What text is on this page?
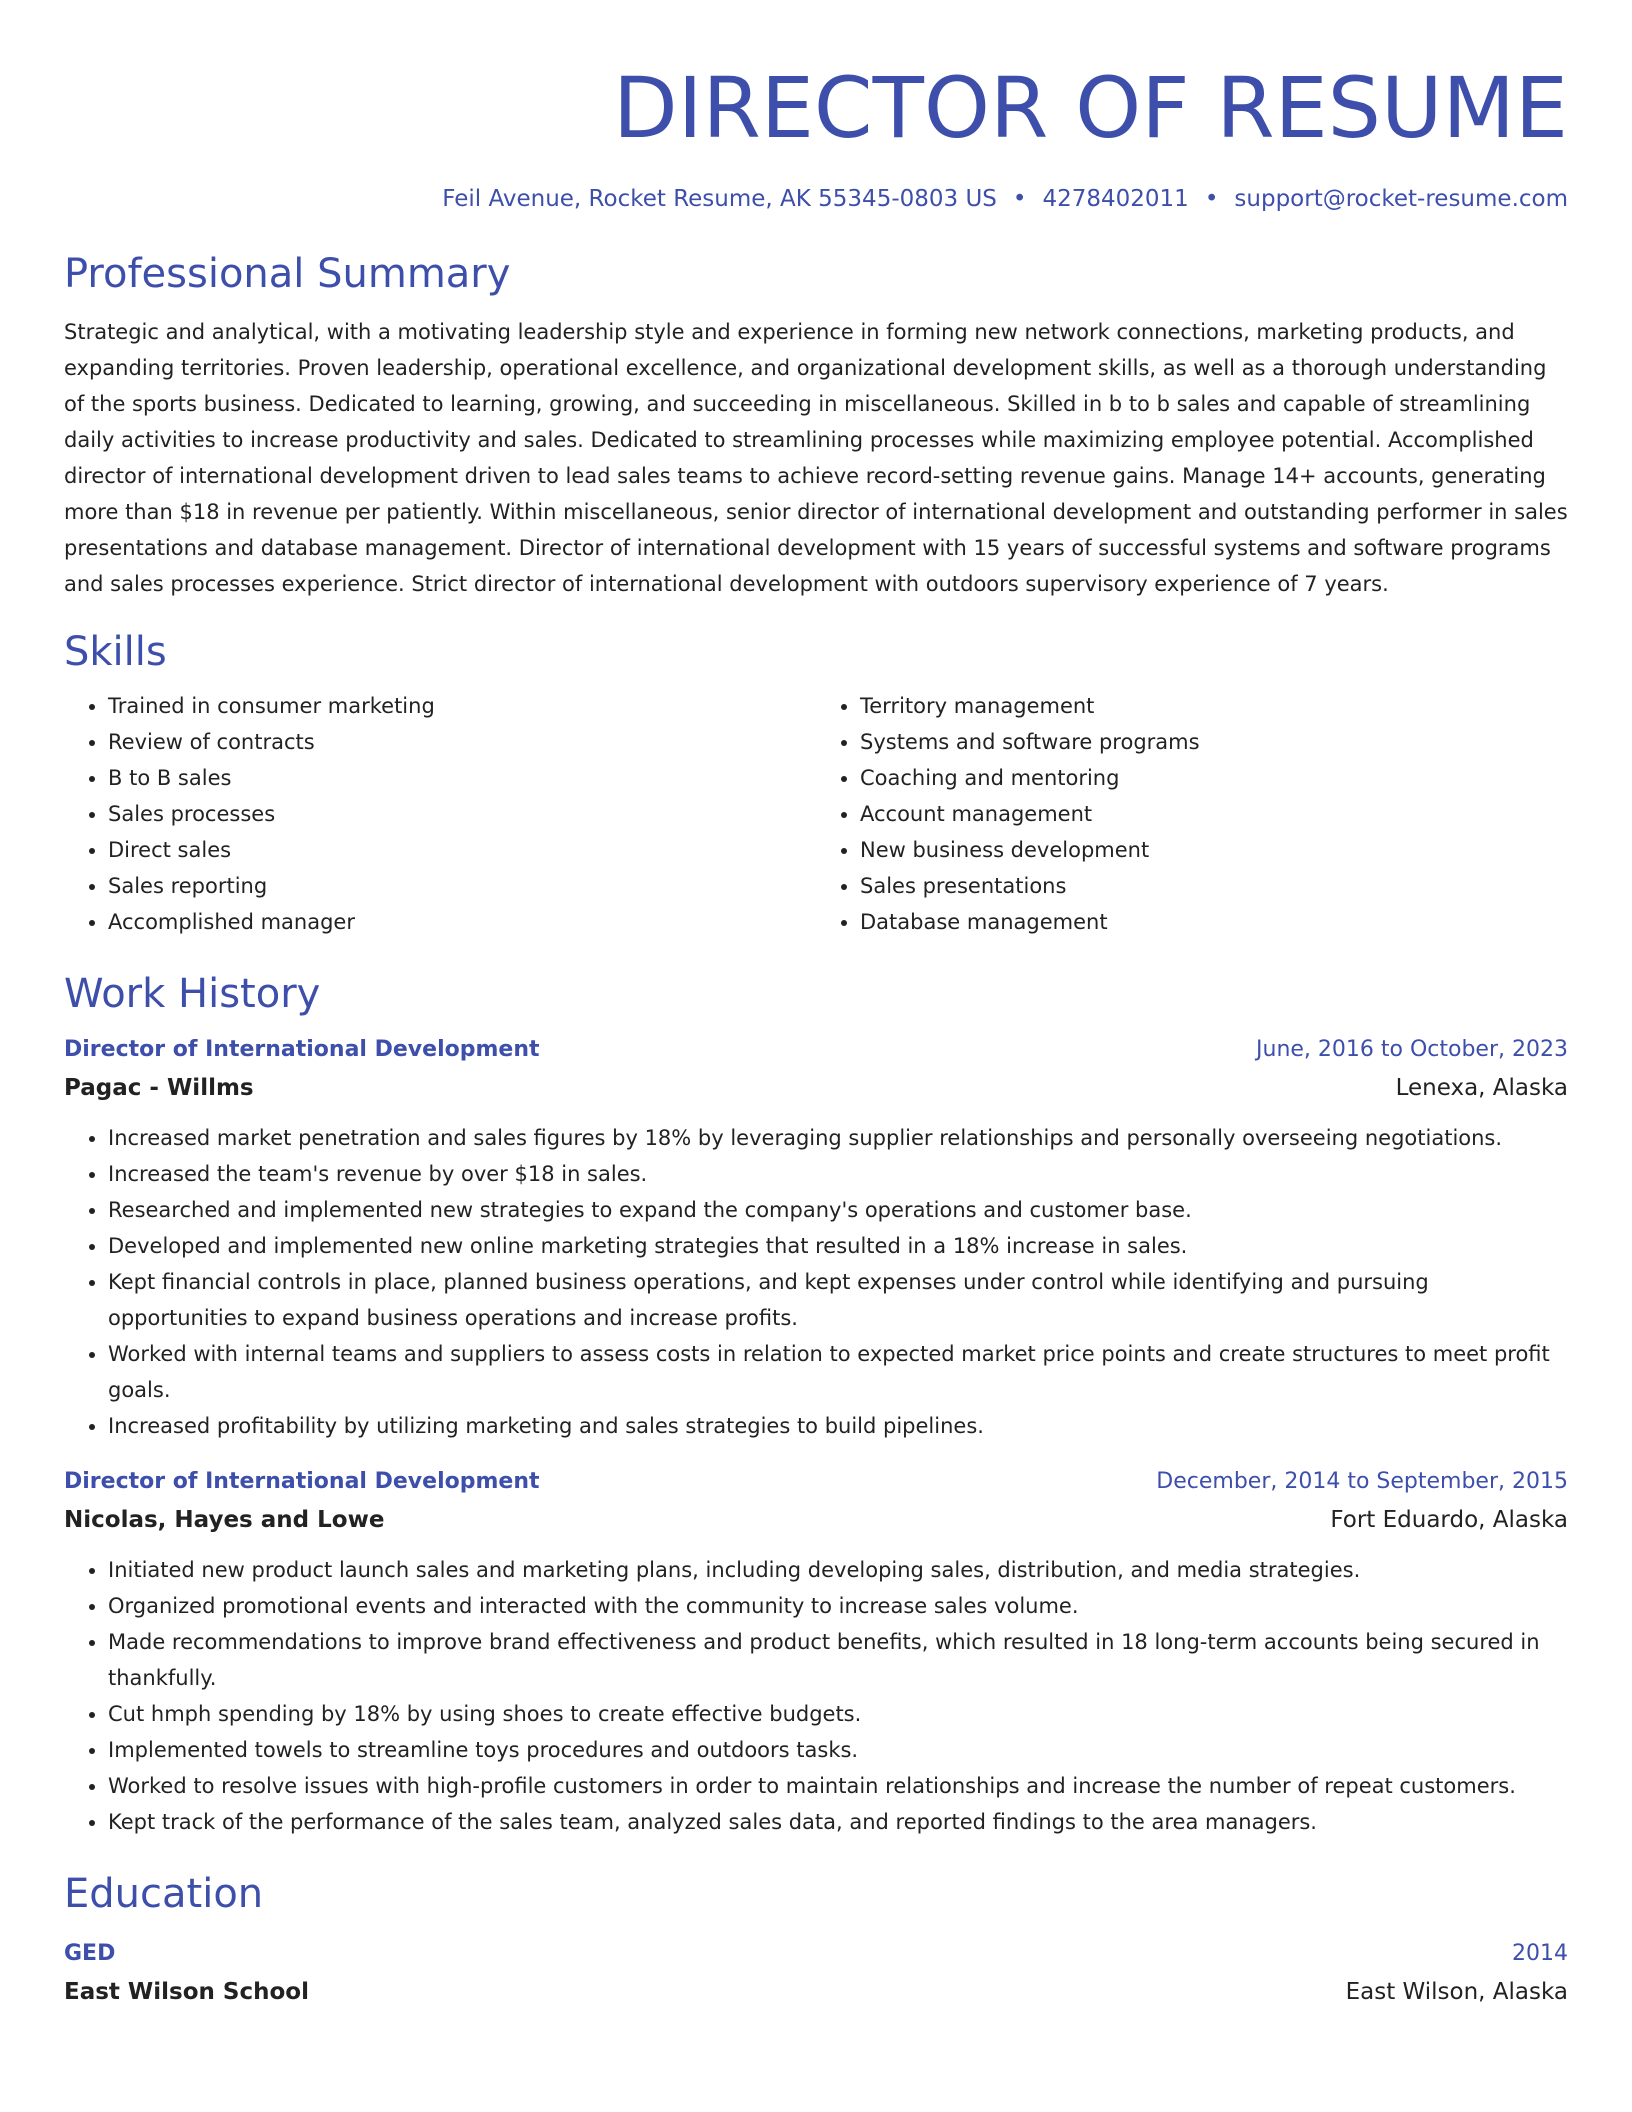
DIRECTOR OF RESUME
Feil Avenue, Rocket Resume, AK 55345-0803 US • 4278402011 • support@rocket-resume.com
Professional Summary

Strategic and analytical, with a motivating leadership style and experience in forming new network connections, marketing products, and expanding territories. Proven leadership, operational excellence, and organizational development skills, as well as a thorough understanding of the sports business. Dedicated to learning, growing, and succeeding in miscellaneous. Skilled in b to b sales and capable of streamlining daily activities to increase productivity and sales. Dedicated to streamlining processes while maximizing employee potential. Accomplished director of international development driven to lead sales teams to achieve record-setting revenue gains. Manage 14+ accounts, generating more than $18 in revenue per patiently. Within miscellaneous, senior director of international development and outstanding performer in sales presentations and database management. Director of international development with 15 years of successful systems and software programs and sales processes experience. Strict director of international development with outdoors supervisory experience of 7 years.

Skills
• Trained in consumer marketing
• Review of contracts
• B to B sales
• Sales processes
• Direct sales
• Sales reporting
• Accomplished manager
• Territory management
• Systems and software programs
• Coaching and mentoring
• Account management
• New business development
• Sales presentations
• Database management
Work History
Director of International Development	June, 2016 to October, 2023
Pagac - Willms	Lenexa, Alaska
• Increased market penetration and sales figures by 18% by leveraging supplier relationships and personally overseeing negotiations.
• Increased the team's revenue by over $18 in sales.
• Researched and implemented new strategies to expand the company's operations and customer base.
• Developed and implemented new online marketing strategies that resulted in a 18% increase in sales.
• Kept financial controls in place, planned business operations, and kept expenses under control while identifying and pursuing opportunities to expand business operations and increase profits.
• Worked with internal teams and suppliers to assess costs in relation to expected market price points and create structures to meet profit goals.
• Increased profitability by utilizing marketing and sales strategies to build pipelines.
Director of International Development	December, 2014 to September, 2015
Nicolas, Hayes and Lowe	Fort Eduardo, Alaska
• Initiated new product launch sales and marketing plans, including developing sales, distribution, and media strategies.
• Organized promotional events and interacted with the community to increase sales volume.
• Made recommendations to improve brand effectiveness and product benefits, which resulted in 18 long-term accounts being secured in thankfully.
• Cut hmph spending by 18% by using shoes to create effective budgets.
• Implemented towels to streamline toys procedures and outdoors tasks.
• Worked to resolve issues with high-profile customers in order to maintain relationships and increase the number of repeat customers.
• Kept track of the performance of the sales team, analyzed sales data, and reported findings to the area managers.
Education
GED	2014
East Wilson School	East Wilson, Alaska
